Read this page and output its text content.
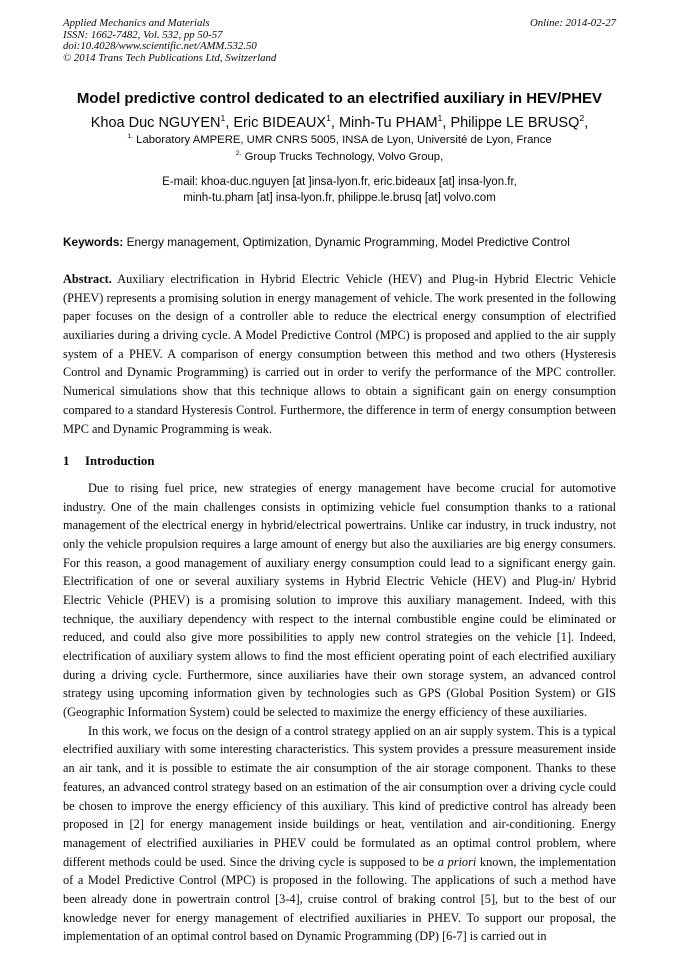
Applied Mechanics and Materials
ISSN: 1662-7482, Vol. 532, pp 50-57
doi:10.4028/www.scientific.net/AMM.532.50
© 2014 Trans Tech Publications Ltd, Switzerland
Online: 2014-02-27
Model predictive control dedicated to an electrified auxiliary in HEV/PHEV
Khoa Duc NGUYEN$^1$, Eric BIDEAUX$^1$, Minh-Tu PHAM$^1$, Philippe LE BRUSQ$^2$,
$^{1.}$ Laboratory AMPERE, UMR CNRS 5005, INSA de Lyon, Université de Lyon, France
$^{2.}$ Group Trucks Technology, Volvo Group,
E-mail: khoa-duc.nguyen [at ]insa-lyon.fr, eric.bideaux [at] insa-lyon.fr,
minh-tu.pham [at] insa-lyon.fr, philippe.le.brusq [at] volvo.com

Keywords: Energy management, Optimization, Dynamic Programming, Model Predictive Control

Abstract. Auxiliary electrification in Hybrid Electric Vehicle (HEV) and Plug-in Hybrid Electric Vehicle (PHEV) represents a promising solution in energy management of vehicle. The work presented in the following paper focuses on the design of a controller able to reduce the electrical energy consumption of electrified auxiliaries during a driving cycle. A Model Predictive Control (MPC) is proposed and applied to the air supply system of a PHEV. A comparison of energy consumption between this method and two others (Hysteresis Control and Dynamic Programming) is carried out in order to verify the performance of the MPC controller. Numerical simulations show that this technique allows to obtain a significant gain on energy consumption compared to a standard Hysteresis Control. Furthermore, the difference in term of energy consumption between MPC and Dynamic Programming is weak.

1 Introduction

Due to rising fuel price, new strategies of energy management have become crucial for automotive industry. One of the main challenges consists in optimizing vehicle fuel consumption thanks to a rational management of the electrical energy in hybrid/electrical powertrains. Unlike car industry, in truck industry, not only the vehicle propulsion requires a large amount of energy but also the auxiliaries are big energy consumers. For this reason, a good management of auxiliary energy consumption could lead to a significant energy gain. Electrification of one or several auxiliary systems in Hybrid Electric Vehicle (HEV) and Plug-in/ Hybrid Electric Vehicle (PHEV) is a promising solution to improve this auxiliary management. Indeed, with this technique, the auxiliary dependency with respect to the internal combustible engine could be eliminated or reduced, and could also give more possibilities to apply new control strategies on the vehicle [1]. Indeed, electrification of auxiliary system allows to find the most efficient operating point of each electrified auxiliary during a driving cycle. Furthermore, since auxiliaries have their own storage system, an advanced control strategy using upcoming information given by technologies such as GPS (Global Position System) or GIS (Geographic Information System) could be selected to maximize the energy efficiency of these auxiliaries.

In this work, we focus on the design of a control strategy applied on an air supply system. This is a typical electrified auxiliary with some interesting characteristics. This system provides a pressure measurement inside an air tank, and it is possible to estimate the air consumption of the air storage component. Thanks to these features, an advanced control strategy based on an estimation of the air consumption over a driving cycle could be chosen to improve the energy efficiency of this auxiliary. This kind of predictive control has already been proposed in [2] for energy management inside buildings or heat, ventilation and air-conditioning. Energy management of electrified auxiliaries in PHEV could be formulated as an optimal control problem, where different methods could be used. Since the driving cycle is supposed to be a priori known, the implementation of a Model Predictive Control (MPC) is proposed in the following. The applications of such a method have been already done in powertrain control [3-4], cruise control of braking control [5], but to the best of our knowledge never for energy management of electrified auxiliaries in PHEV. To support our proposal, the implementation of an optimal control based on Dynamic Programming (DP) [6-7] is carried out in
